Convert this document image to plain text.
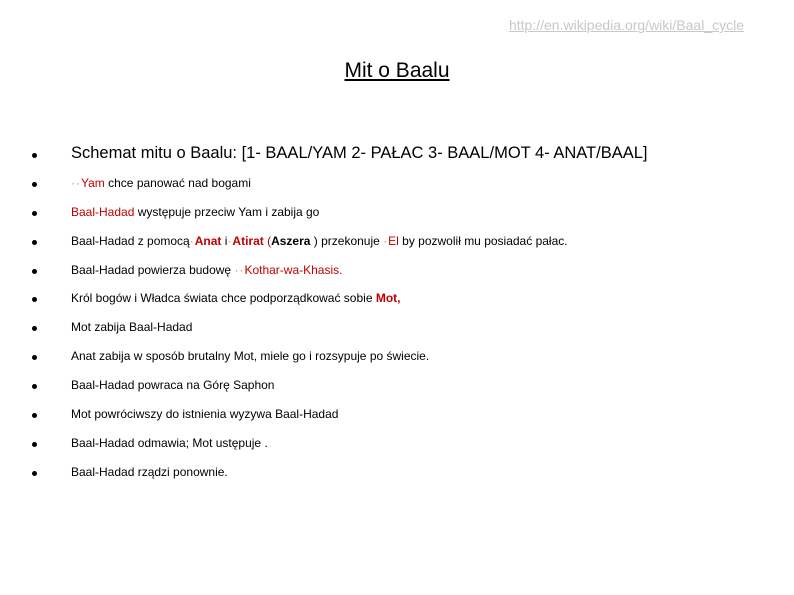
http://en.wikipedia.org/wiki/Baal_cycle
Mit o Baalu
Schemat mitu o Baalu: [1- BAAL/YAM 2- PAŁAC 3- BAAL/MOT 4- ANAT/BAAL]
··Yam chce panować nad bogami
Baal-Hadad występuje przeciw Yam i zabija go
Baal-Hadad z pomocą·Anat i·Atirat (Aszera ) przekonuje ·El by pozwolił mu posiadać pałac.
Baal-Hadad powierza budowę ··Kothar-wa-Khasis.
Król bogów i Władca świata chce podporządkować sobie Mot,
Mot zabija Baal-Hadad
Anat zabija w sposób brutalny Mot, miele go i rozsypuje po świecie.
Baal-Hadad powraca na Górę Saphon
Mot powróciwszy do istnienia wyzywa Baal-Hadad
Baal-Hadad odmawia; Mot ustępuje .
Baal-Hadad rządzi ponownie.
